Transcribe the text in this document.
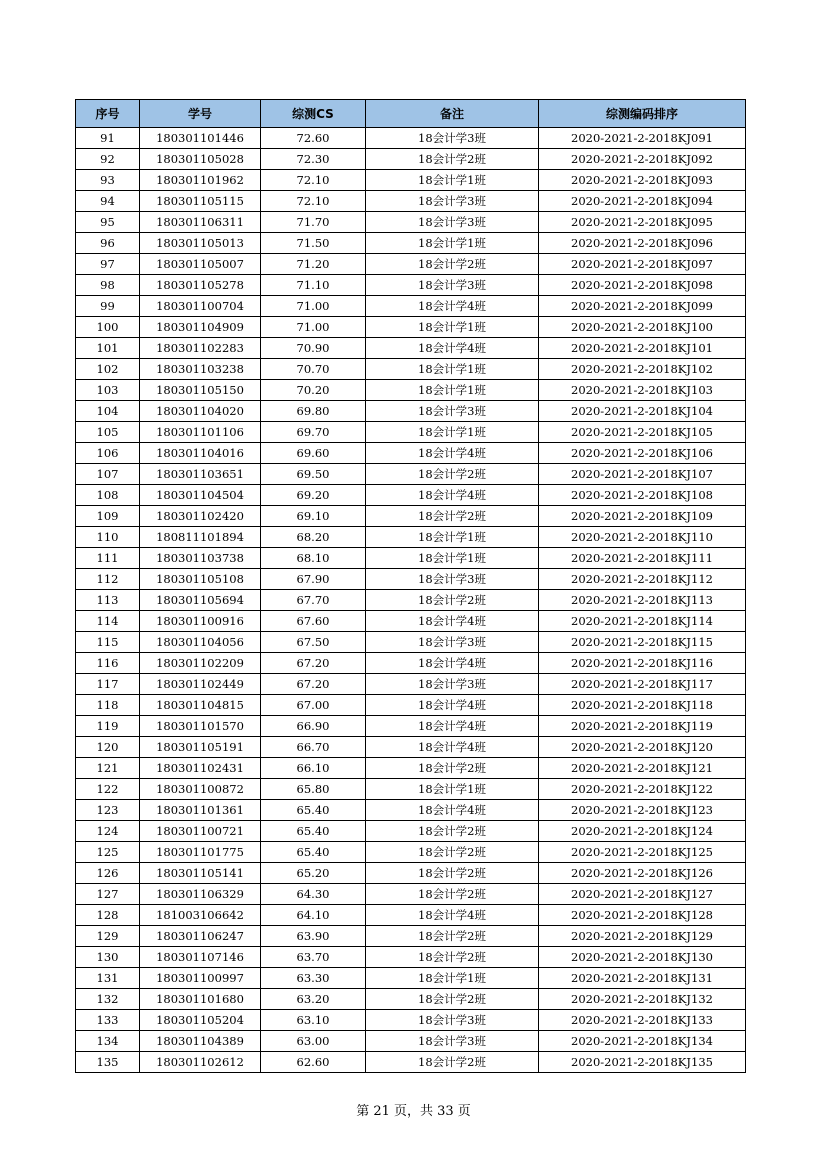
序号	学号	综测CS	备注	综测编码排序
91	180301101446	72.60	18会计学3班	2020-2021-2-2018KJ091
92	180301105028	72.30	18会计学2班	2020-2021-2-2018KJ092
93	180301101962	72.10	18会计学1班	2020-2021-2-2018KJ093
94	180301105115	72.10	18会计学3班	2020-2021-2-2018KJ094
95	180301106311	71.70	18会计学3班	2020-2021-2-2018KJ095
96	180301105013	71.50	18会计学1班	2020-2021-2-2018KJ096
97	180301105007	71.20	18会计学2班	2020-2021-2-2018KJ097
98	180301105278	71.10	18会计学3班	2020-2021-2-2018KJ098
99	180301100704	71.00	18会计学4班	2020-2021-2-2018KJ099
100	180301104909	71.00	18会计学1班	2020-2021-2-2018KJ100
101	180301102283	70.90	18会计学4班	2020-2021-2-2018KJ101
102	180301103238	70.70	18会计学1班	2020-2021-2-2018KJ102
103	180301105150	70.20	18会计学1班	2020-2021-2-2018KJ103
104	180301104020	69.80	18会计学3班	2020-2021-2-2018KJ104
105	180301101106	69.70	18会计学1班	2020-2021-2-2018KJ105
106	180301104016	69.60	18会计学4班	2020-2021-2-2018KJ106
107	180301103651	69.50	18会计学2班	2020-2021-2-2018KJ107
108	180301104504	69.20	18会计学4班	2020-2021-2-2018KJ108
109	180301102420	69.10	18会计学2班	2020-2021-2-2018KJ109
110	180811101894	68.20	18会计学1班	2020-2021-2-2018KJ110
111	180301103738	68.10	18会计学1班	2020-2021-2-2018KJ111
112	180301105108	67.90	18会计学3班	2020-2021-2-2018KJ112
113	180301105694	67.70	18会计学2班	2020-2021-2-2018KJ113
114	180301100916	67.60	18会计学4班	2020-2021-2-2018KJ114
115	180301104056	67.50	18会计学3班	2020-2021-2-2018KJ115
116	180301102209	67.20	18会计学4班	2020-2021-2-2018KJ116
117	180301102449	67.20	18会计学3班	2020-2021-2-2018KJ117
118	180301104815	67.00	18会计学4班	2020-2021-2-2018KJ118
119	180301101570	66.90	18会计学4班	2020-2021-2-2018KJ119
120	180301105191	66.70	18会计学4班	2020-2021-2-2018KJ120
121	180301102431	66.10	18会计学2班	2020-2021-2-2018KJ121
122	180301100872	65.80	18会计学1班	2020-2021-2-2018KJ122
123	180301101361	65.40	18会计学4班	2020-2021-2-2018KJ123
124	180301100721	65.40	18会计学2班	2020-2021-2-2018KJ124
125	180301101775	65.40	18会计学2班	2020-2021-2-2018KJ125
126	180301105141	65.20	18会计学2班	2020-2021-2-2018KJ126
127	180301106329	64.30	18会计学2班	2020-2021-2-2018KJ127
128	181003106642	64.10	18会计学4班	2020-2021-2-2018KJ128
129	180301106247	63.90	18会计学2班	2020-2021-2-2018KJ129
130	180301107146	63.70	18会计学2班	2020-2021-2-2018KJ130
131	180301100997	63.30	18会计学1班	2020-2021-2-2018KJ131
132	180301101680	63.20	18会计学2班	2020-2021-2-2018KJ132
133	180301105204	63.10	18会计学3班	2020-2021-2-2018KJ133
134	180301104389	63.00	18会计学3班	2020-2021-2-2018KJ134
135	180301102612	62.60	18会计学2班	2020-2021-2-2018KJ135
第 21 页，共 33 页
